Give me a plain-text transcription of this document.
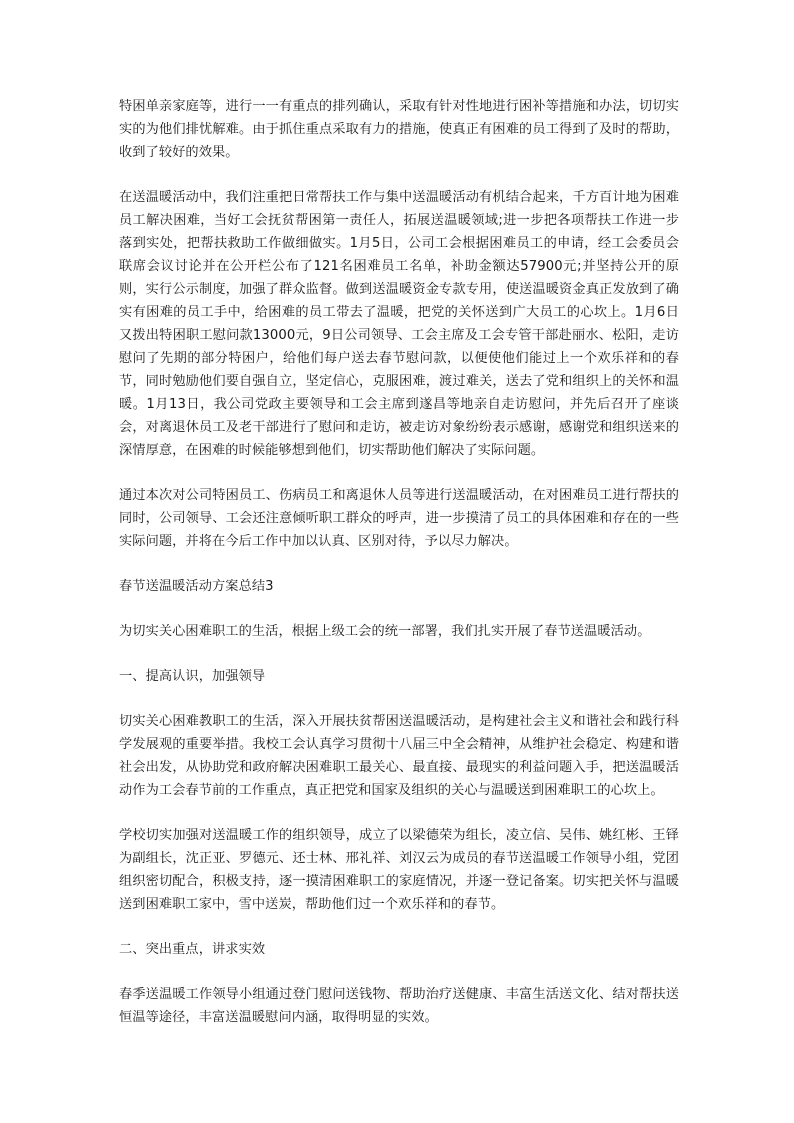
特困单亲家庭等，进行一一有重点的排列确认，采取有针对性地进行困补等措施和办法，切切实实的为他们排忧解难。由于抓住重点采取有力的措施，使真正有困难的员工得到了及时的帮助，收到了较好的效果。

在送温暖活动中，我们注重把日常帮扶工作与集中送温暖活动有机结合起来，千方百计地为困难员工解决困难，当好工会抚贫帮困第一责任人，拓展送温暖领域;进一步把各项帮扶工作进一步落到实处，把帮扶救助工作做细做实。1月5日，公司工会根据困难员工的申请，经工会委员会联席会议讨论并在公开栏公布了121名困难员工名单，补助金额达57900元;并坚持公开的原则，实行公示制度，加强了群众监督。做到送温暖资金专款专用，使送温暖资金真正发放到了确实有困难的员工手中，给困难的员工带去了温暖，把党的关怀送到广大员工的心坎上。1月6日又拨出特困职工慰问款13000元，9日公司领导、工会主席及工会专管干部赴丽水、松阳，走访慰问了先期的部分特困户，给他们每户送去春节慰问款，以便使他们能过上一个欢乐祥和的春节，同时勉励他们要自强自立，坚定信心，克服困难，渡过难关，送去了党和组织上的关怀和温暖。1月13日，我公司党政主要领导和工会主席到遂昌等地亲自走访慰问，并先后召开了座谈会，对离退休员工及老干部进行了慰问和走访，被走访对象纷纷表示感谢，感谢党和组织送来的深情厚意，在困难的时候能够想到他们，切实帮助他们解决了实际问题。

通过本次对公司特困员工、伤病员工和离退休人员等进行送温暖活动，在对困难员工进行帮扶的同时，公司领导、工会还注意倾听职工群众的呼声，进一步摸清了员工的具体困难和存在的一些实际问题，并将在今后工作中加以认真、区别对待，予以尽力解决。

春节送温暖活动方案总结3

为切实关心困难职工的生活，根据上级工会的统一部署，我们扎实开展了春节送温暖活动。

一、提高认识，加强领导

切实关心困难教职工的生活，深入开展扶贫帮困送温暖活动，是构建社会主义和谐社会和践行科学发展观的重要举措。我校工会认真学习贯彻十八届三中全会精神，从维护社会稳定、构建和谐社会出发，从协助党和政府解决困难职工最关心、最直接、最现实的利益问题入手，把送温暖活动作为工会春节前的工作重点，真正把党和国家及组织的关心与温暖送到困难职工的心坎上。

学校切实加强对送温暖工作的组织领导，成立了以梁德荣为组长，凌立信、吴伟、姚红彬、王铎为副组长，沈正亚、罗德元、还士林、邢礼祥、刘汉云为成员的春节送温暖工作领导小组，党团组织密切配合，积极支持，逐一摸清困难职工的家庭情况，并逐一登记备案。切实把关怀与温暖送到困难职工家中，雪中送炭，帮助他们过一个欢乐祥和的春节。

二、突出重点，讲求实效

春季送温暖工作领导小组通过登门慰问送钱物、帮助治疗送健康、丰富生活送文化、结对帮扶送恒温等途径，丰富送温暖慰问内涵，取得明显的实效。
